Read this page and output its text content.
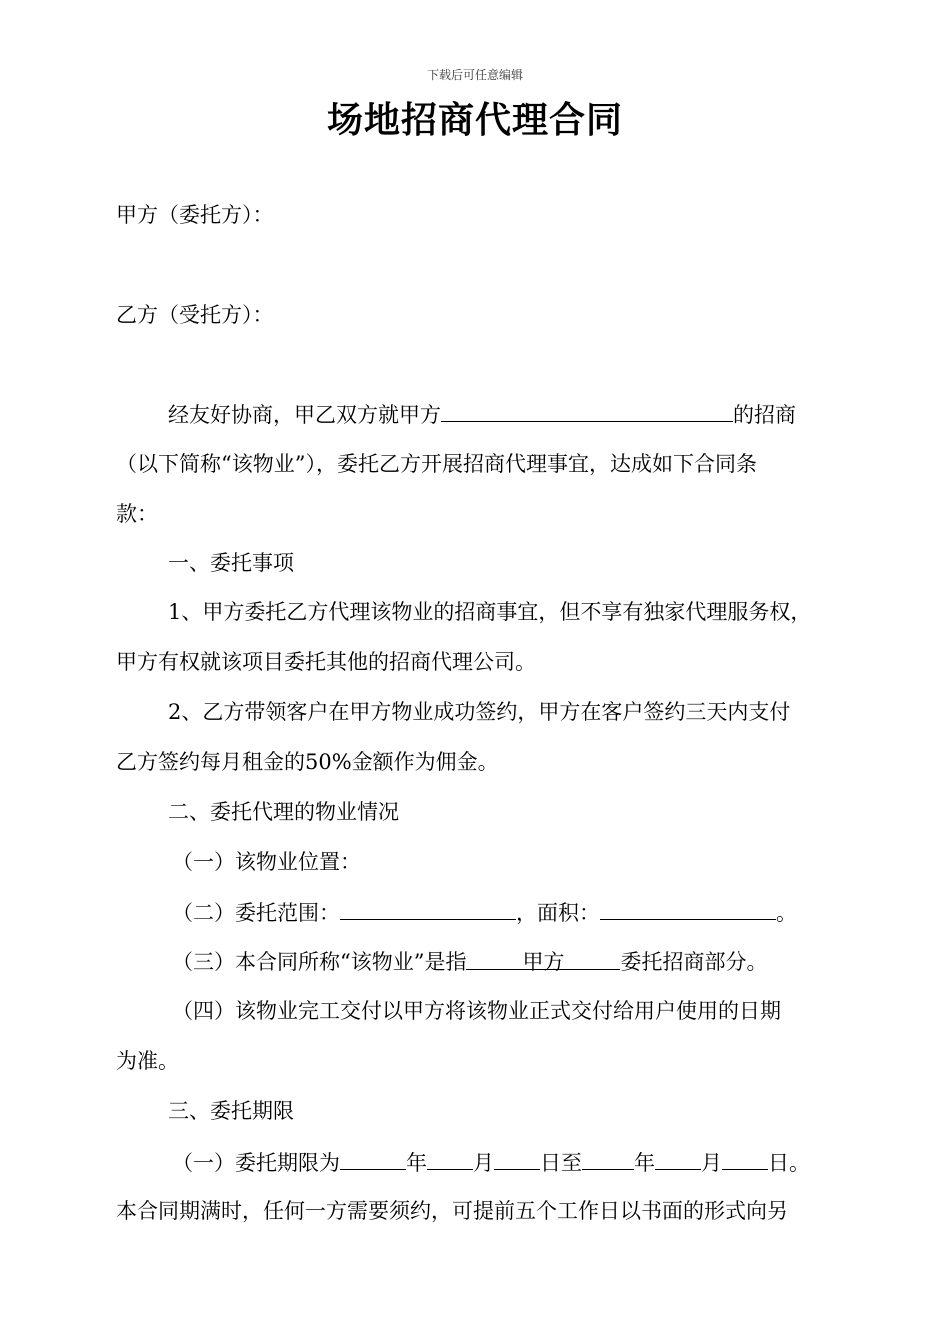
下载后可任意编辑
场地招商代理合同
甲方（委托方）：
乙方（受托方）：
经友好协商，甲乙双方就甲方	的招商
（以下简称“该物业”），委托乙方开展招商代理事宜，达成如下合同条
款：
一、委托事项
1、甲方委托乙方代理该物业的招商事宜，但不享有独家代理服务权，
甲方有权就该项目委托其他的招商代理公司。
2、乙方带领客户在甲方物业成功签约，甲方在客户签约三天内支付
乙方签约每月租金的50%金额作为佣金。
二、委托代理的物业情况
（一）该物业位置：
（二）委托范围：	，面积：	。
（三）本合同所称“该物业”是指	甲方	委托招商部分。
（四）该物业完工交付以甲方将该物业正式交付给用户使用的日期
为准。
三、委托期限
（一）委托期限为	年 月 日至 年 月 日。
本合同期满时，任何一方需要须约，可提前五个工作日以书面的形式向另
